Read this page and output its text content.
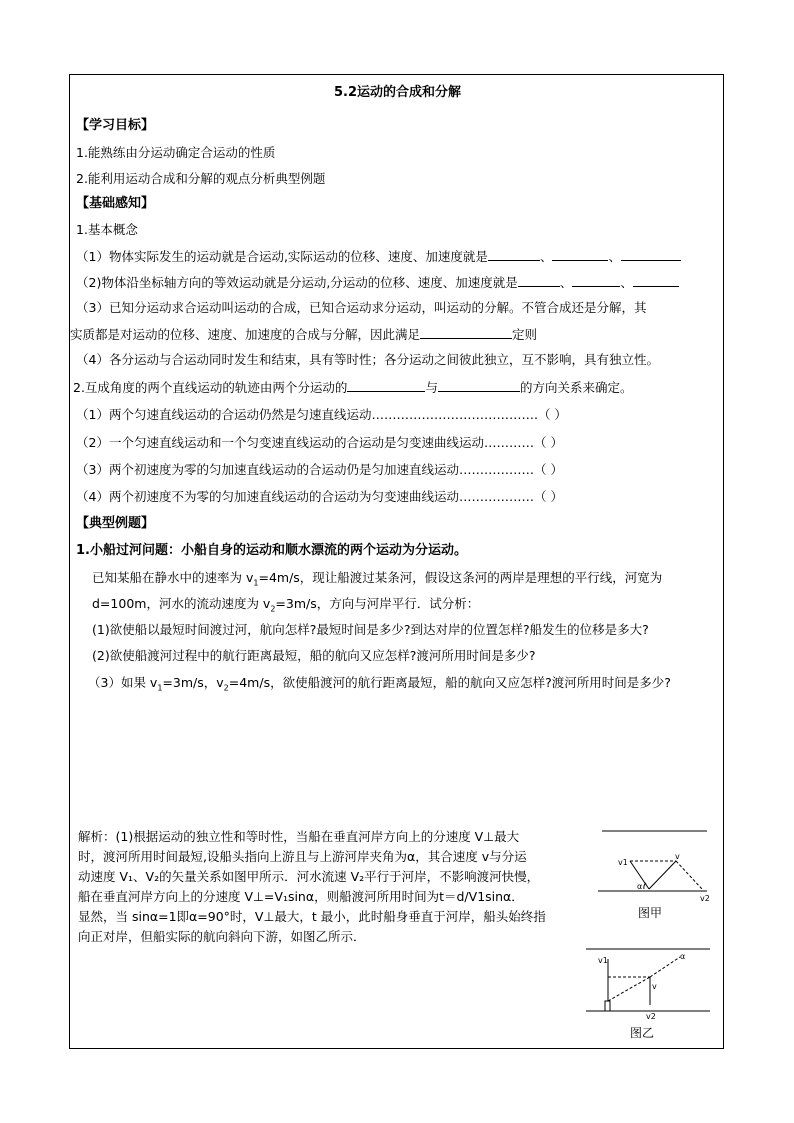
5.2运动的合成和分解
【学习目标】
1.能熟练由分运动确定合运动的性质
2.能利用运动合成和分解的观点分析典型例题
【基础感知】
1.基本概念
（1）物体实际发生的运动就是合运动,实际运动的位移、速度、加速度就是	、	、
（2)物体沿坐标轴方向的等效运动就是分运动,分运动的位移、速度、加速度就是	、	、
（3）已知分运动求合运动叫运动的合成，已知合运动求分运动，叫运动的分解。不管合成还是分解，其
实质都是对运动的位移、速度、加速度的合成与分解，因此满足	定则
（4）各分运动与合运动同时发生和结束，具有等时性；各分运动之间彼此独立，互不影响，具有独立性。
2.互成角度的两个直线运动的轨迹由两个分运动的	与	的方向关系来确定。
（1）两个匀速直线运动的合运动仍然是匀速直线运动………………………………….（ ）
（2）一个匀速直线运动和一个匀变速直线运动的合运动是匀变速曲线运动…………（ ）
（3）两个初速度为零的匀加速直线运动的合运动仍是匀加速直线运动………………（ ）
（4）两个初速度不为零的匀加速直线运动的合运动为匀变速曲线运动………………（ ）
【典型例题】
1.小船过河问题：小船自身的运动和顺水漂流的两个运动为分运动。
已知某船在静水中的速率为 $v_1=4m/s$，现让船渡过某条河，假设这条河的两岸是理想的平行线，河宽为
d=100m，河水的流动速度为 $v_2=3m/s$，方向与河岸平行．试分析：
(1)欲使船以最短时间渡过河，航向怎样?最短时间是多少?到达对岸的位置怎样?船发生的位移是多大?
(2)欲使船渡河过程中的航行距离最短，船的航向又应怎样?渡河所用时间是多少?
（3）如果 $v_1=3m/s$，$v_2=4m/s$，欲使船渡河的航行距离最短，船的航向又应怎样?渡河所用时间是多少?
解析：(1)根据运动的独立性和等时性，当船在垂直河岸方向上的分速度 V⊥最大
时，渡河所用时间最短,设船头指向上游且与上游河岸夹角为α，其合速度 v与分运
动速度 V₁、V₂的矢量关系如图甲所示．河水流速 V₂平行于河岸，不影响渡河快慢，
船在垂直河岸方向上的分速度 V⊥=V₁sinα，则船渡河所用时间为t＝d/V1sinα．
显然，当 sinα=1即α=90°时，V⊥最大，t 最小，此时船身垂直于河岸，船头始终指
向正对岸，但船实际的航向斜向下游，如图乙所示．
v1
v
v2
α
图甲
v1
v
v2
α
图乙
